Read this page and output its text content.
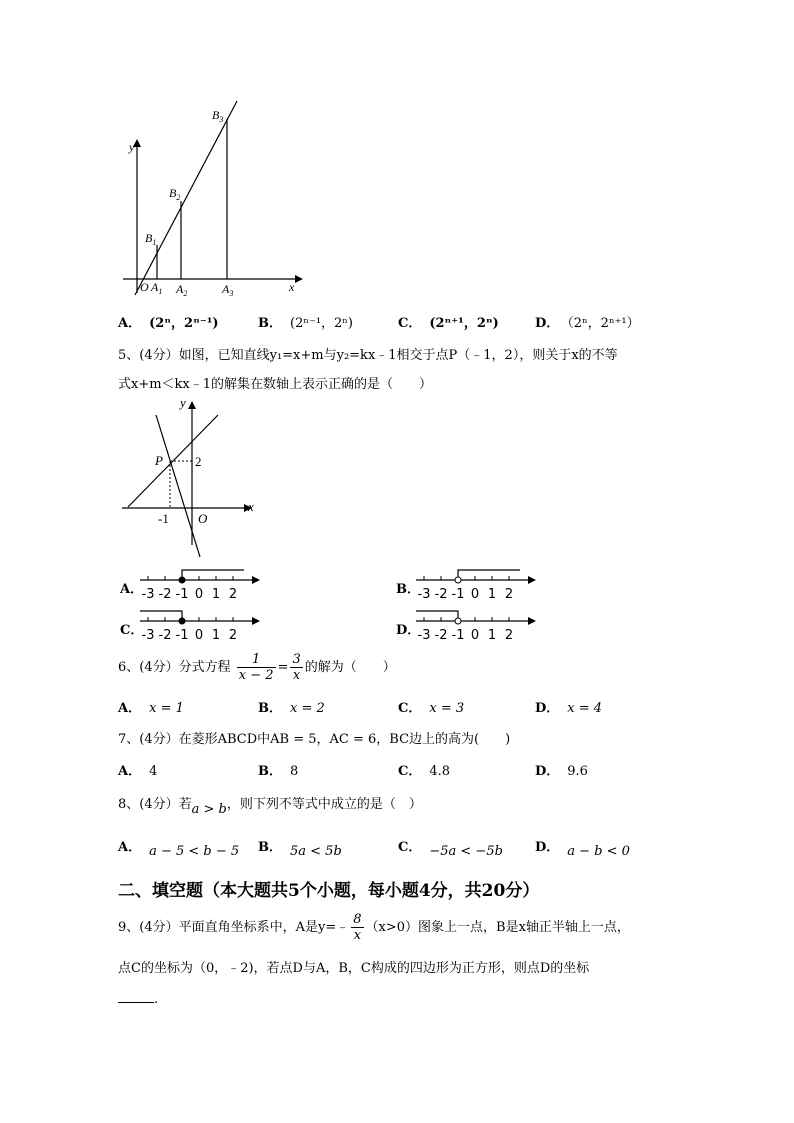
y
x
O $A_1$ $A_2$	$A_3$
$B_1$
$B_2$
$B_3$
A． (2ⁿ，2ⁿ⁻¹)	B． (2ⁿ⁻¹，2ⁿ)	C． (2ⁿ⁺¹，2ⁿ)	D． （2ⁿ，2ⁿ⁺¹）
5、(4分）如图，已知直线y₁=x+m与y₂=kx﹣1相交于点P（﹣1，2），则关于x的不等
式x+m＜kx﹣1的解集在数轴上表示正确的是（　　）
y
x
P 2
-1 O
A．	B．
C．	D．
-3 -2 -1 0 1 2	-3 -2 -1 0 1 2
-3 -2 -1 0 1 2	-3 -2 -1 0 1 2
6、(4分）分式方程 $\frac{1}{x - 2} = \frac{3}{x}$ 的解为（　　）
A． x = 1	B． x = 2	C． x = 3	D． x = 4
7、(4分）在菱形ABCD中AB = 5，AC = 6，BC边上的高为(　　)
A． 4	B． 8	C． 4.8	D． 9.6
8、(4分）若a > b，则下列不等式中成立的是（　）
A． a − 5 < b − 5 B． 5a < 5b	C． −5a < −5b D． a − b < 0
二、填空题（本大题共5个小题，每小题4分，共20分）
9、(4分）平面直角坐标系中，A是y=﹣ $\frac{8}{x} (x>0)$图象上一点，B是x轴正半轴上一点，
点C的坐标为（0，﹣2)，若点D与A，B，C构成的四边形为正方形，则点D的坐标
.
